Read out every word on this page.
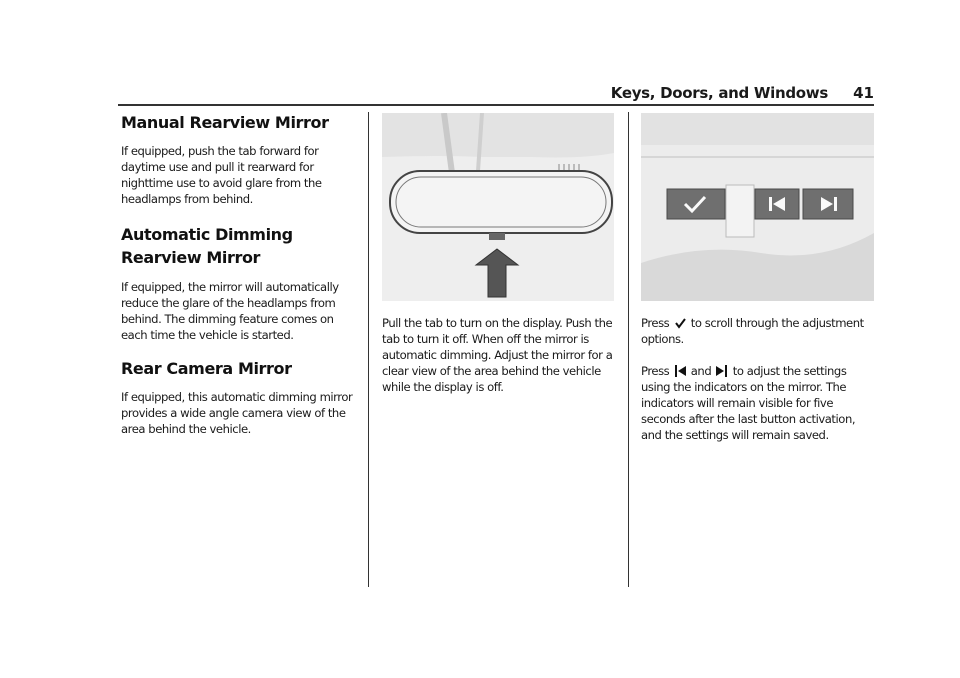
Keys, Doors, and Windows 41
Manual Rearview Mirror

If equipped, push the tab forward for daytime use and pull it rearward for nighttime use to avoid glare from the headlamps from behind.

Automatic Dimming Rearview Mirror

If equipped, the mirror will automatically reduce the glare of the headlamps from behind. The dimming feature comes on each time the vehicle is started.

Rear Camera Mirror

If equipped, this automatic dimming mirror provides a wide angle camera view of the area behind the vehicle.

Pull the tab to turn on the display. Push the tab to turn it off. When off the mirror is automatic dimming. Adjust the mirror for a clear view of the area behind the vehicle while the display is off.

Press to scroll through the adjustment options.

Press and to adjust the settings using the indicators on the mirror. The indicators will remain visible for five seconds after the last button activation, and the settings will remain saved.
